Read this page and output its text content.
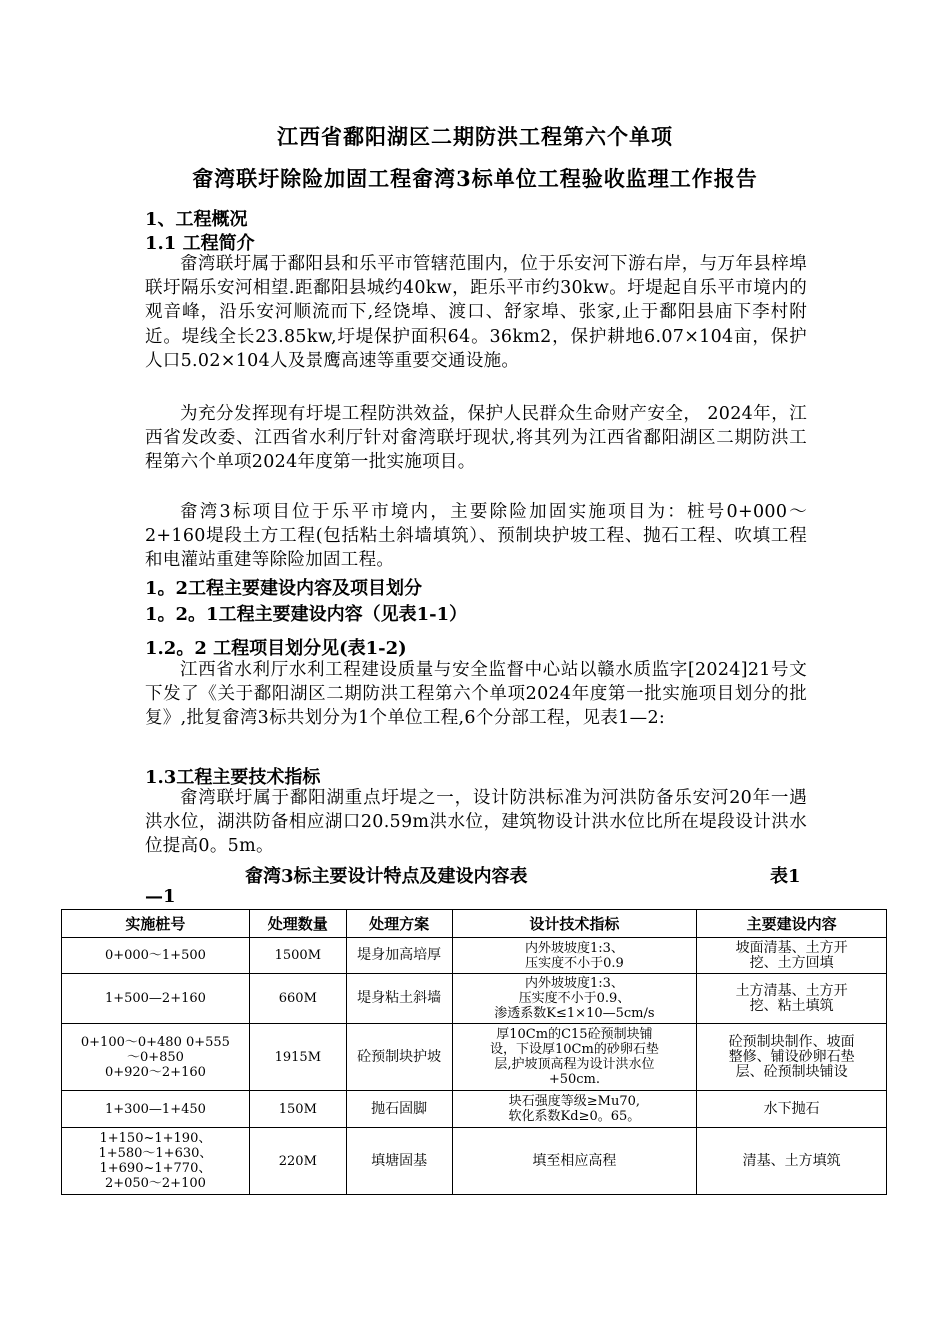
江西省鄱阳湖区二期防洪工程第六个单项
畲湾联圩除险加固工程畲湾3标单位工程验收监理工作报告
1、工程概况
1.1 工程简介

畲湾联圩属于鄱阳县和乐平市管辖范围内，位于乐安河下游右岸，与万年县梓埠联圩隔乐安河相望.距鄱阳县城约40kw，距乐平市约30kw。圩堤起自乐平市境内的观音峰，沿乐安河顺流而下,经饶埠、渡口、舒家埠、张家,止于鄱阳县庙下李村附近。堤线全长23.85kw,圩堤保护面积64。36km2，保护耕地6.07×104亩，保护人口5.02×104人及景鹰高速等重要交通设施。

为充分发挥现有圩堤工程防洪效益，保护人民群众生命财产安全， 2024年，江西省发改委、江西省水利厅针对畲湾联圩现状,将其列为江西省鄱阳湖区二期防洪工程第六个单项2024年度第一批实施项目。

畲湾3标项目位于乐平市境内，主要除险加固实施项目为：桩号0+000～2+160堤段土方工程(包括粘土斜墙填筑）、预制块护坡工程、抛石工程、吹填工程和电灌站重建等除险加固工程。

1。2工程主要建设内容及项目划分
1。2。1工程主要建设内容（见表1-1）
1.2。2 工程项目划分见(表1-2)

江西省水利厅水利工程建设质量与安全监督中心站以赣水质监字[2024]21号文下发了《关于鄱阳湖区二期防洪工程第六个单项2024年度第一批实施项目划分的批复》,批复畲湾3标共划分为1个单位工程,6个分部工程，见表1—2:

1.3工程主要技术指标

畲湾联圩属于鄱阳湖重点圩堤之一，设计防洪标准为河洪防备乐安河20年一遇洪水位，湖洪防备相应湖口20.59m洪水位，建筑物设计洪水位比所在堤段设计洪水位提高0。5m。

畲湾3标主要设计特点及建设内容表	表1
—1
实施桩号	处理数量	处理方案	设计技术指标	主要建设内容
0+000～1+500	1500M	堤身加高培厚	内外坡坡度1:3、
压实度不小于0.9	坡面清基、土方开
挖、土方回填
1+500—2+160	660M	堤身粘土斜墙	内外坡坡度1:3、
压实度不小于0.9、
渗透系数K≤1×10—5cm/s	土方清基、土方开
挖、粘土填筑
0+100～0+480 0+555
～0+850
0+920～2+160	1915M	砼预制块护坡	厚10Cm的C15砼预制块铺
设，下设厚10Cm的砂卵石垫
层,护坡顶高程为设计洪水位
+50cm.	砼预制块制作、坡面
整修、铺设砂卵石垫
层、砼预制块铺设
1+300—1+450	150M	抛石固脚	块石强度等级≥Mu70,
软化系数Kd≥0。65。	水下抛石
1+150~1+190、
1+580～1+630、
1+690~1+770、
2+050～2+100	220M	填塘固基	填至相应高程	清基、土方填筑
